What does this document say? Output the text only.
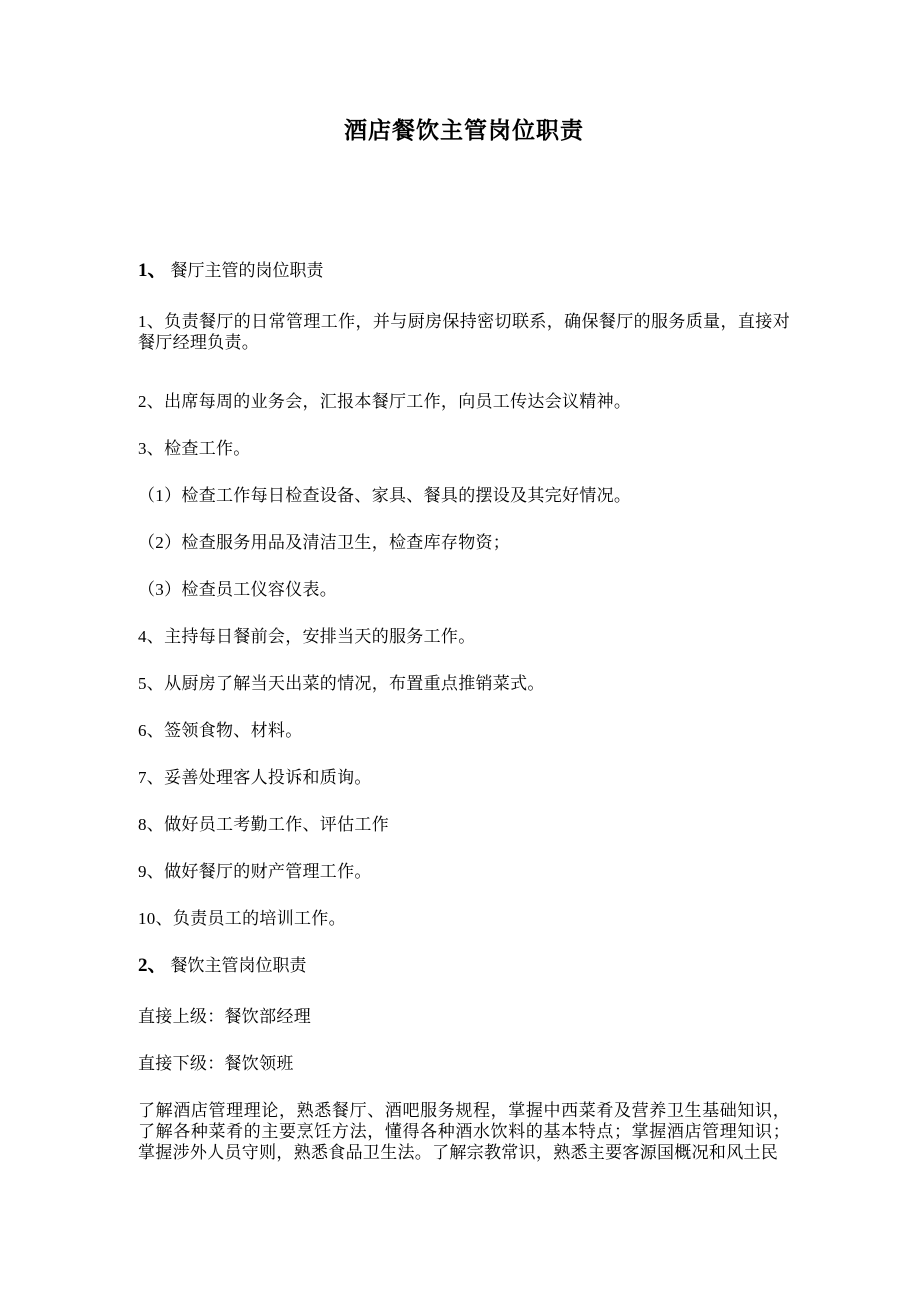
酒店餐饮主管岗位职责
1、 餐厅主管的岗位职责

1、负责餐厅的日常管理工作，并与厨房保持密切联系，确保餐厅的服务质量，直接对餐厅经理负责。

2、出席每周的业务会，汇报本餐厅工作，向员工传达会议精神。

3、检查工作。

（1）检查工作每日检查设备、家具、餐具的摆设及其完好情况。

（2）检查服务用品及清洁卫生，检查库存物资；

（3）检查员工仪容仪表。

4、主持每日餐前会，安排当天的服务工作。

5、从厨房了解当天出菜的情况，布置重点推销菜式。

6、签领食物、材料。

7、妥善处理客人投诉和质询。

8、做好员工考勤工作、评估工作

9、做好餐厅的财产管理工作。

10、负责员工的培训工作。

2、 餐饮主管岗位职责

直接上级：餐饮部经理

直接下级：餐饮领班

了解酒店管理理论，熟悉餐厅、酒吧服务规程，掌握中西菜肴及营养卫生基础知识，了解各种菜肴的主要烹饪方法，懂得各种酒水饮料的基本特点；掌握酒店管理知识；掌握涉外人员守则，熟悉食品卫生法。了解宗教常识，熟悉主要客源国概况和风土民
